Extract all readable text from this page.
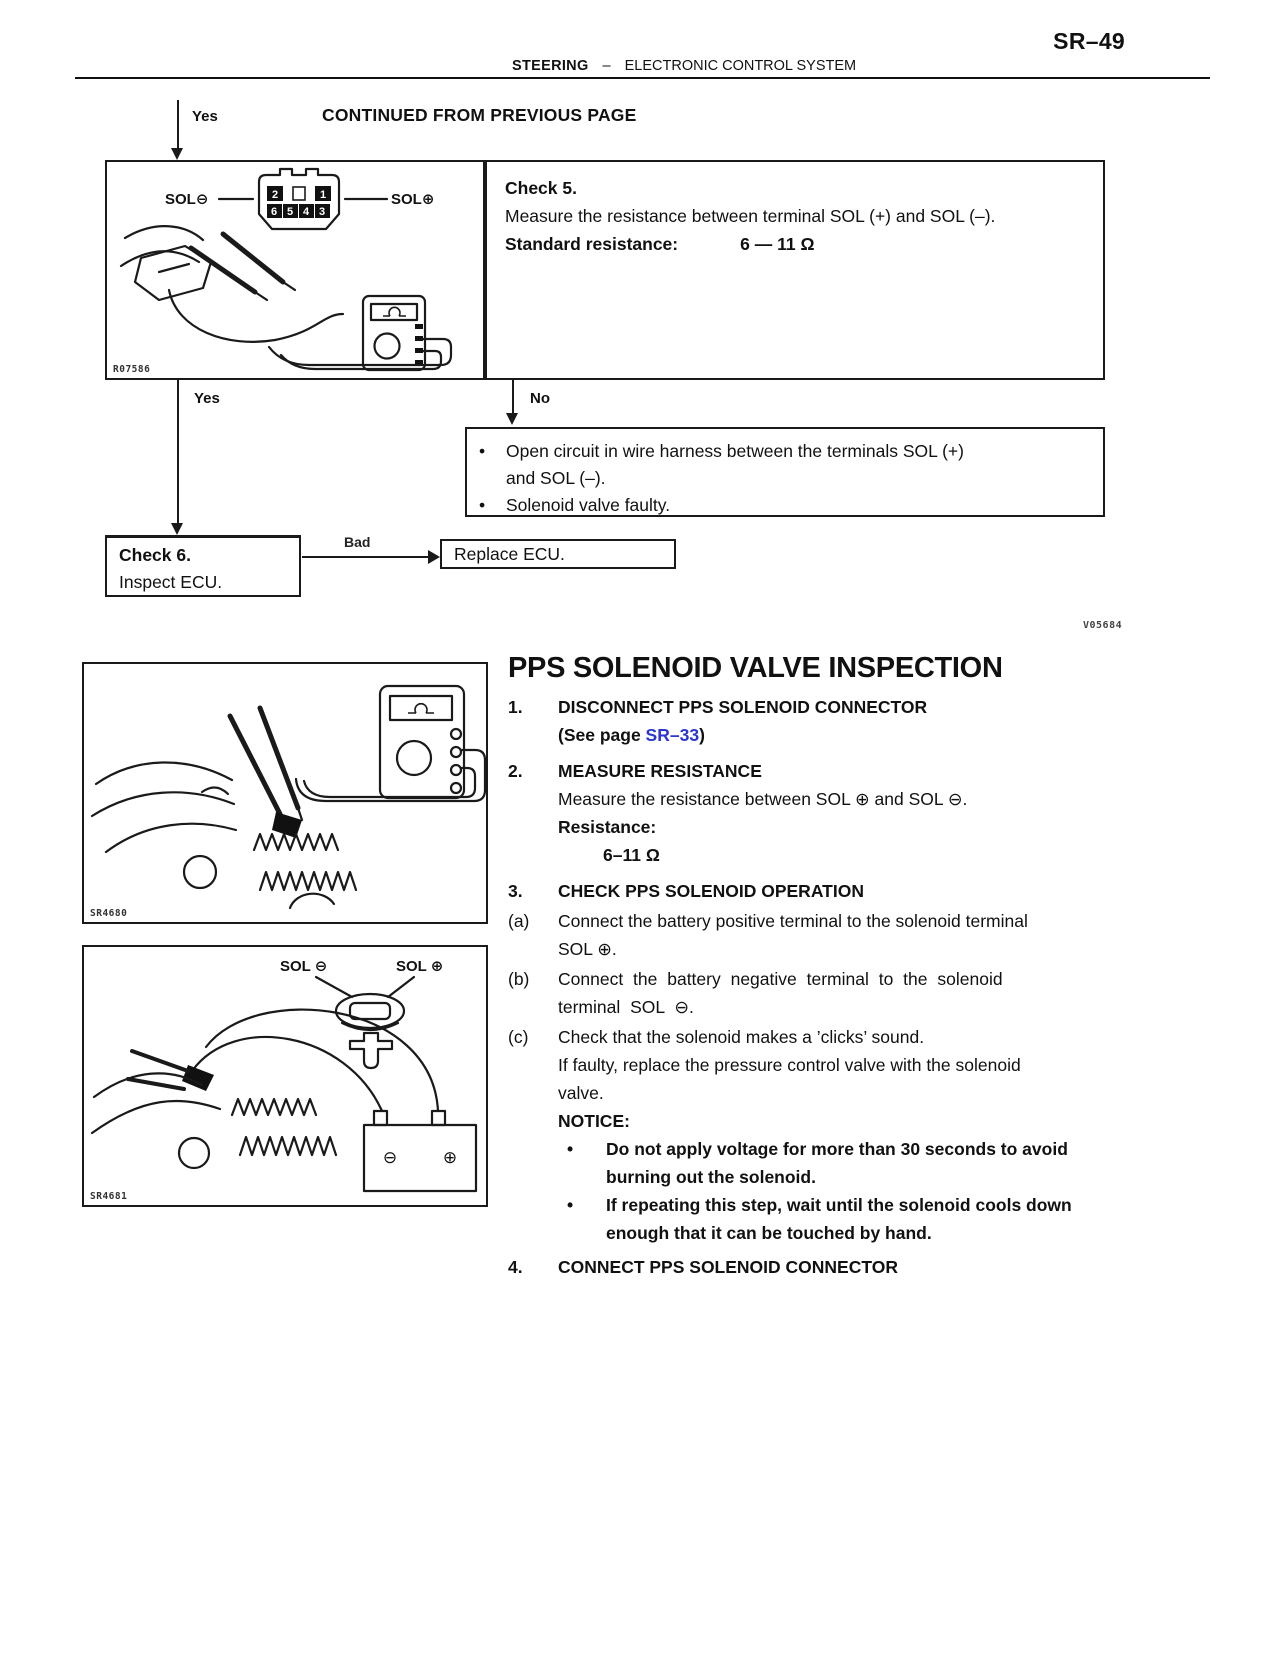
SR–49
STEERING – ELECTRONIC CONTROL SYSTEM
Yes	CONTINUED FROM PREVIOUS PAGE
SOL⊖	2	1
6 5 4 3
SOL⊕
R07586
Check 5.
Measure the resistance between terminal SOL (+) and SOL (–).
Standard resistance:	6 — 11 Ω
Yes	No
•	Open circuit in wire harness between the terminals SOL (+)
and SOL (–).
•	Solenoid valve faulty.
Check 6.
Inspect ECU.
Bad
Replace ECU.
V05684
SR4680
SOL ⊖	SOL ⊕
⊖	⊕
SR4681
PPS SOLENOID VALVE INSPECTION
1.	DISCONNECT PPS SOLENOID CONNECTOR
(See page SR–33)
2.	MEASURE RESISTANCE
Measure the resistance between SOL ⊕ and SOL ⊖.
Resistance:
6–11 Ω
3.	CHECK PPS SOLENOID OPERATION
(a)	Connect the battery positive terminal to the solenoid terminal
SOL ⊕.
(b)	Connect the battery negative terminal to the solenoid
terminal SOL ⊖.
(c)	Check that the solenoid makes a ’clicks’ sound.
If faulty, replace the pressure control valve with the solenoid
valve.
NOTICE:
•	Do not apply voltage for more than 30 seconds to avoid
burning out the solenoid.
•	If repeating this step, wait until the solenoid cools down
enough that it can be touched by hand.
4.	CONNECT PPS SOLENOID CONNECTOR
